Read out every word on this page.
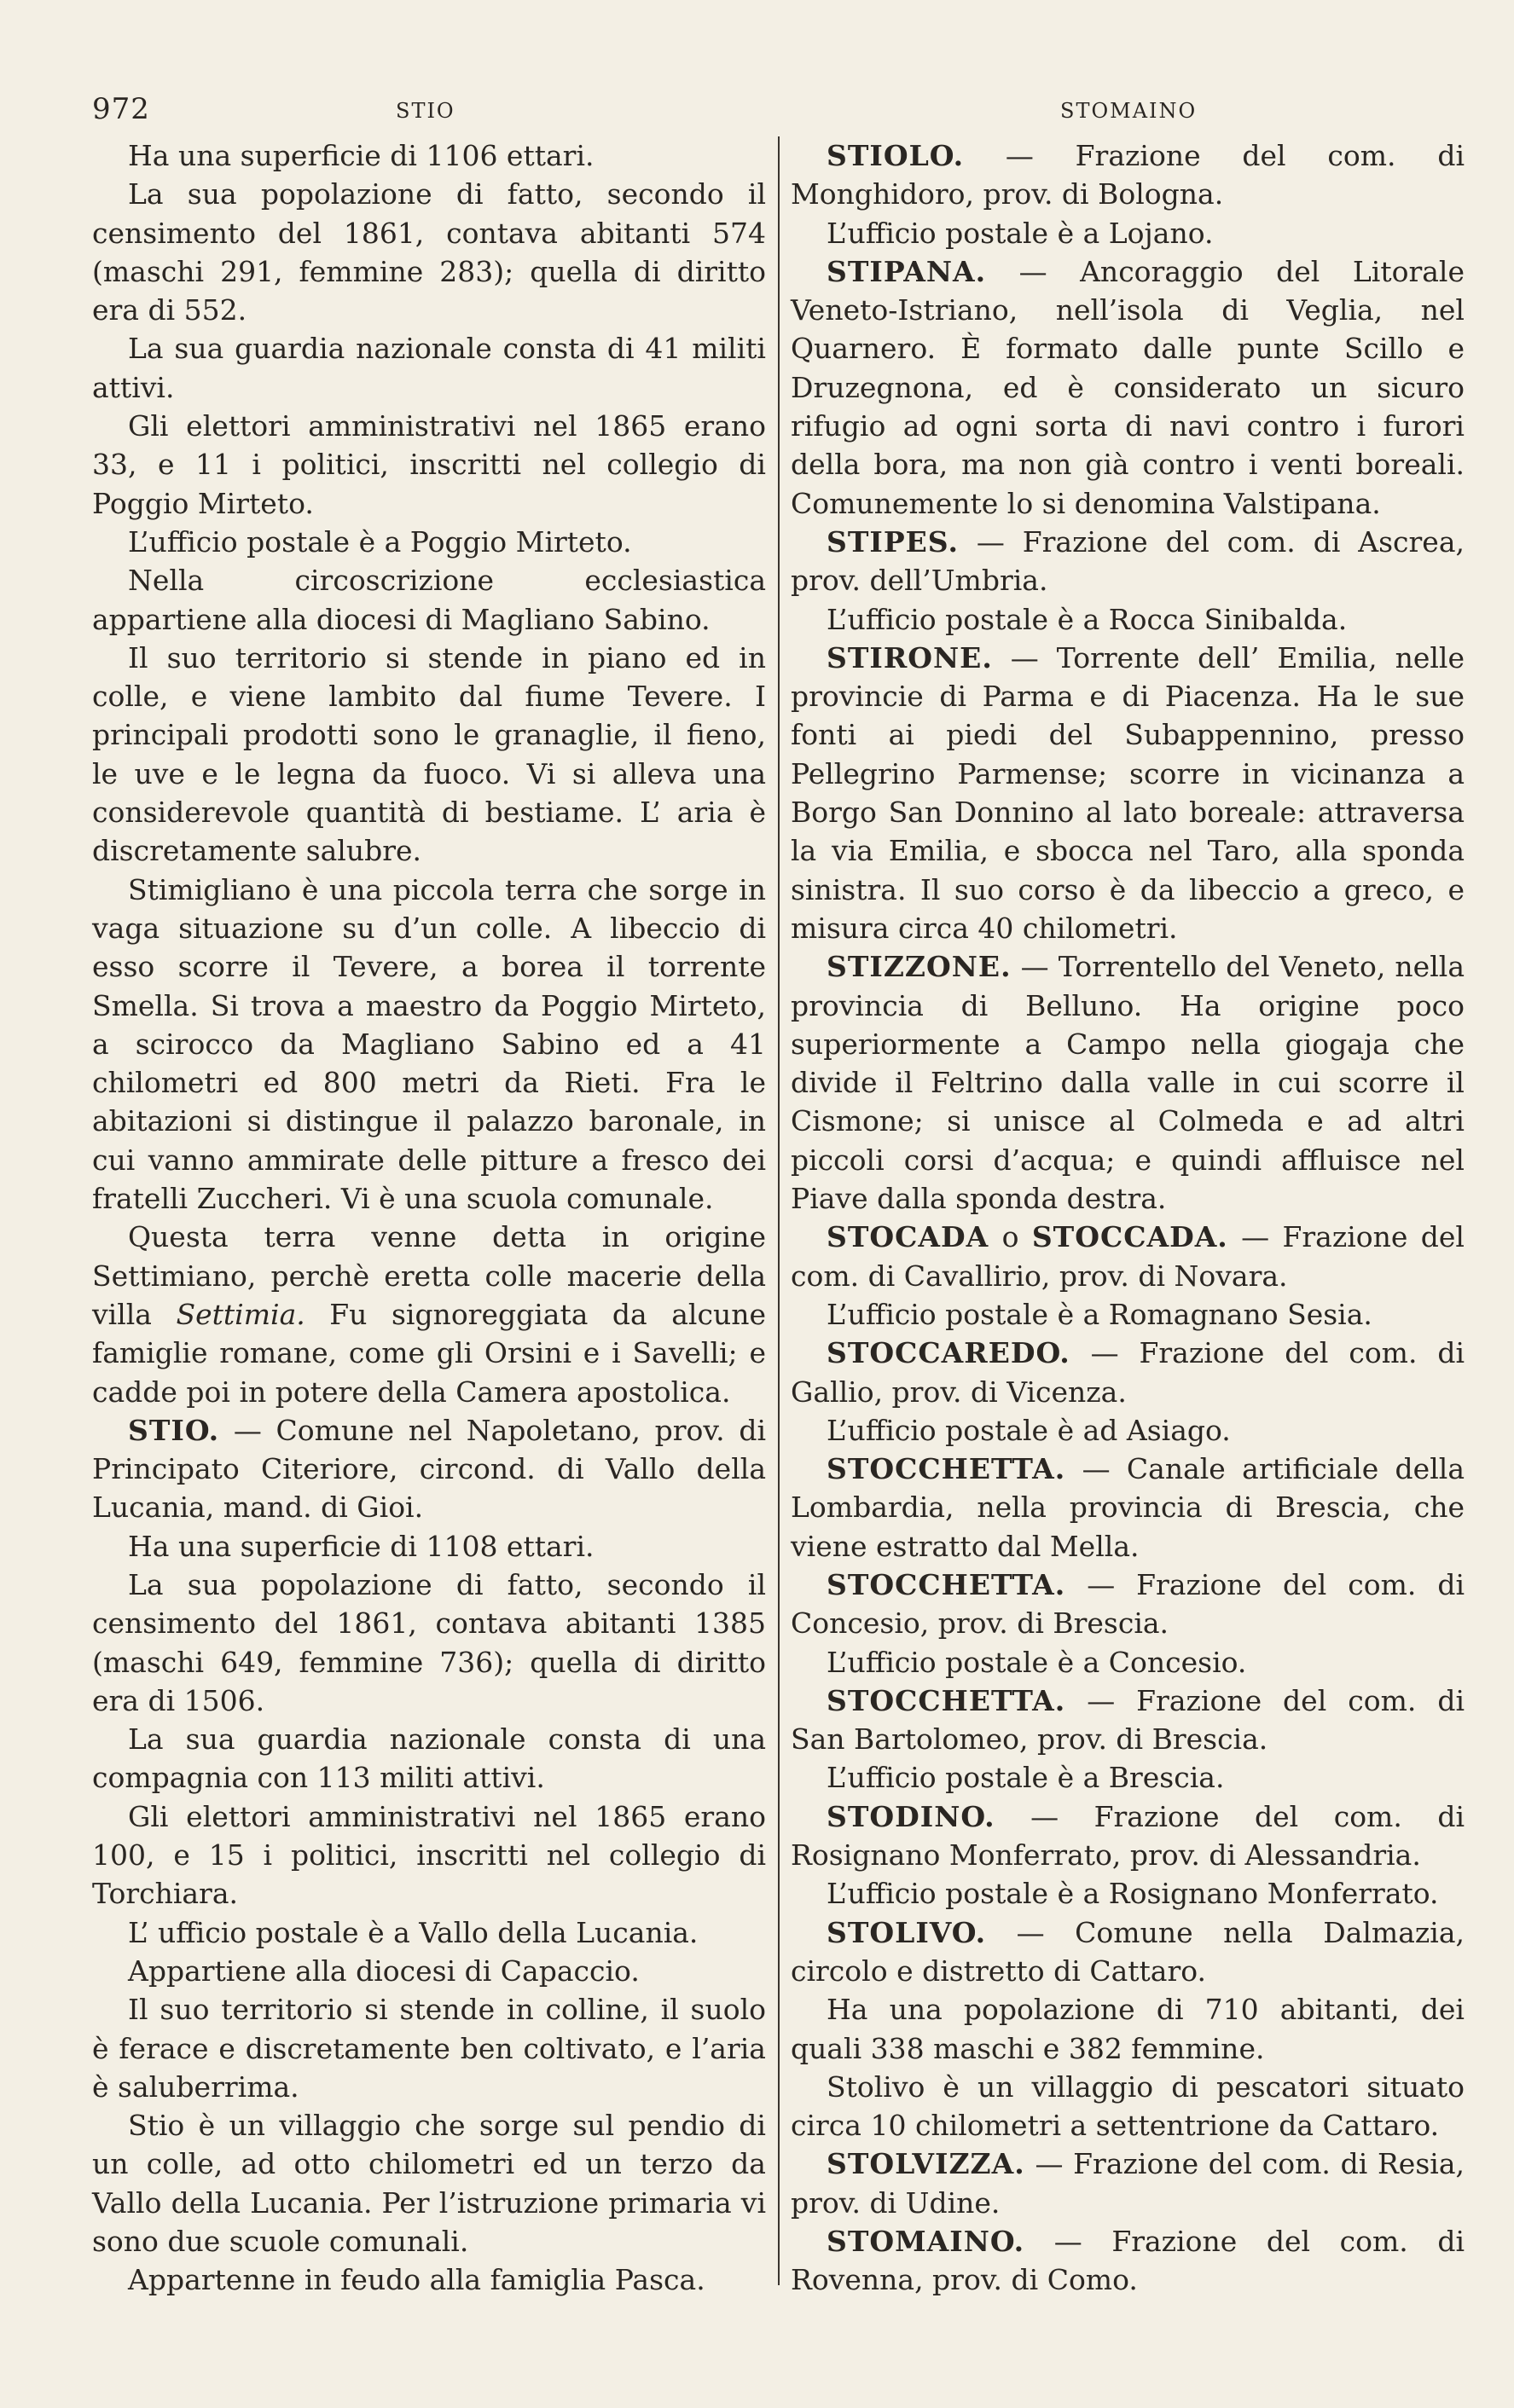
972	STIO	STOMAINO

Ha una superficie di 1106 ettari.

La sua popolazione di fatto, secondo il censimento del 1861, contava abitanti 574 (maschi 291, femmine 283); quella di diritto era di 552.

La sua guardia nazionale consta di 41 militi attivi.

Gli elettori amministrativi nel 1865 erano 33, e 11 i politici, inscritti nel collegio di Poggio Mirteto.

L’ufficio postale è a Poggio Mirteto.

Nella circoscrizione ecclesiastica appartiene alla diocesi di Magliano Sabino.

Il suo territorio si stende in piano ed in colle, e viene lambito dal fiume Tevere. I principali prodotti sono le granaglie, il fieno, le uve e le legna da fuoco. Vi si alleva una considerevole quantità di bestiame. L’ aria è discretamente salubre.

Stimigliano è una piccola terra che sorge in vaga situazione su d’un colle. A libeccio di esso scorre il Tevere, a borea il torrente Smella. Si trova a maestro da Poggio Mirteto, a scirocco da Magliano Sabino ed a 41 chilometri ed 800 metri da Rieti. Fra le abitazioni si distingue il palazzo baronale, in cui vanno ammirate delle pitture a fresco dei fratelli Zuccheri. Vi è una scuola comunale.

Questa terra venne detta in origine Settimiano, perchè eretta colle macerie della villa Settimia. Fu signoreggiata da alcune famiglie romane, come gli Orsini e i Savelli; e cadde poi in potere della Camera apostolica.

STIO. — Comune nel Napoletano, prov. di Principato Citeriore, circond. di Vallo della Lucania, mand. di Gioi.

Ha una superficie di 1108 ettari.

La sua popolazione di fatto, secondo il censimento del 1861, contava abitanti 1385 (maschi 649, femmine 736); quella di diritto era di 1506.

La sua guardia nazionale consta di una compagnia con 113 militi attivi.

Gli elettori amministrativi nel 1865 erano 100, e 15 i politici, inscritti nel collegio di Torchiara.

L’ ufficio postale è a Vallo della Lucania.

Appartiene alla diocesi di Capaccio.

Il suo territorio si stende in colline, il suolo è ferace e discretamente ben coltivato, e l’aria è saluberrima.

Stio è un villaggio che sorge sul pendio di un colle, ad otto chilometri ed un terzo da Vallo della Lucania. Per l’istruzione primaria vi sono due scuole comunali.

Appartenne in feudo alla famiglia Pasca.

STIOLO. — Frazione del com. di Monghidoro, prov. di Bologna.

L’ufficio postale è a Lojano.

STIPANA. — Ancoraggio del Litorale Veneto-Istriano, nell’isola di Veglia, nel Quarnero. È formato dalle punte Scillo e Druzegnona, ed è considerato un sicuro rifugio ad ogni sorta di navi contro i furori della bora, ma non già contro i venti boreali. Comunemente lo si denomina Valstipana.

STIPES. — Frazione del com. di Ascrea, prov. dell’Umbria.

L’ufficio postale è a Rocca Sinibalda.

STIRONE. — Torrente dell’ Emilia, nelle provincie di Parma e di Piacenza. Ha le sue fonti ai piedi del Subappennino, presso Pellegrino Parmense; scorre in vicinanza a Borgo San Donnino al lato boreale: attraversa la via Emilia, e sbocca nel Taro, alla sponda sinistra. Il suo corso è da libeccio a greco, e misura circa 40 chilometri.

STIZZONE. — Torrentello del Veneto, nella provincia di Belluno. Ha origine poco superiormente a Campo nella giogaja che divide il Feltrino dalla valle in cui scorre il Cismone; si unisce al Colmeda e ad altri piccoli corsi d’acqua; e quindi affluisce nel Piave dalla sponda destra.

STOCADA o STOCCADA. — Frazione del com. di Cavallirio, prov. di Novara.

L’ufficio postale è a Romagnano Sesia.

STOCCAREDO. — Frazione del com. di Gallio, prov. di Vicenza.

L’ufficio postale è ad Asiago.

STOCCHETTA. — Canale artificiale della Lombardia, nella provincia di Brescia, che viene estratto dal Mella.

STOCCHETTA. — Frazione del com. di Concesio, prov. di Brescia.

L’ufficio postale è a Concesio.

STOCCHETTA. — Frazione del com. di San Bartolomeo, prov. di Brescia.

L’ufficio postale è a Brescia.

STODINO. — Frazione del com. di Rosignano Monferrato, prov. di Alessandria.

L’ufficio postale è a Rosignano Monferrato.

STOLIVO. — Comune nella Dalmazia, circolo e distretto di Cattaro.

Ha una popolazione di 710 abitanti, dei quali 338 maschi e 382 femmine.

Stolivo è un villaggio di pescatori situato circa 10 chilometri a settentrione da Cattaro.

STOLVIZZA. — Frazione del com. di Resia, prov. di Udine.

STOMAINO. — Frazione del com. di Rovenna, prov. di Como.
